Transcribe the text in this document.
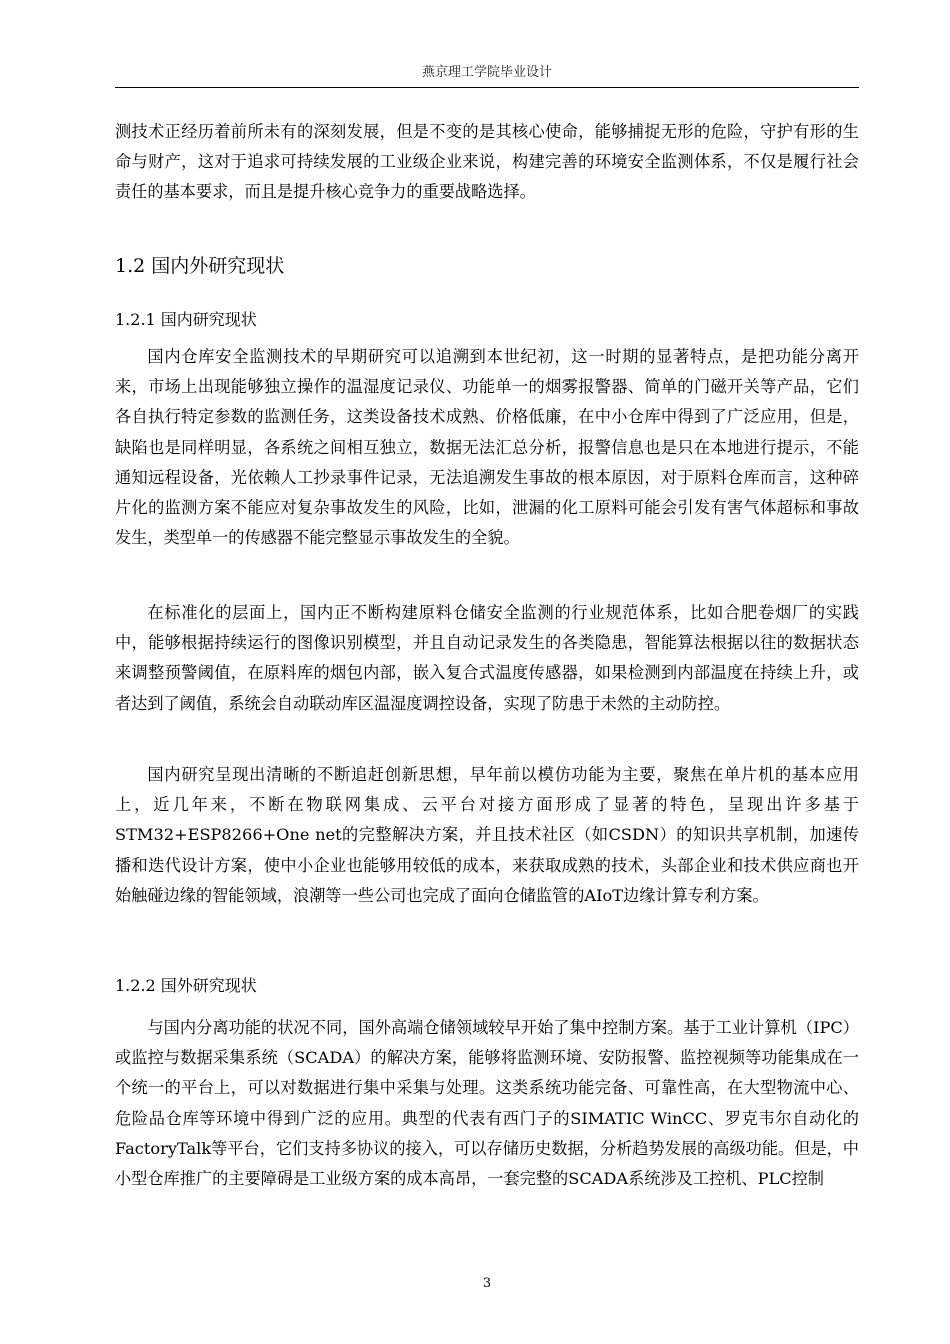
燕京理工学院毕业设计

测技术正经历着前所未有的深刻发展，但是不变的是其核心使命，能够捕捉无形的危险，守护有形的生命与财产，这对于追求可持续发展的工业级企业来说，构建完善的环境安全监测体系，不仅是履行社会责任的基本要求，而且是提升核心竞争力的重要战略选择。

1.2 国内外研究现状
1.2.1 国内研究现状

国内仓库安全监测技术的早期研究可以追溯到本世纪初，这一时期的显著特点，是把功能分离开来，市场上出现能够独立操作的温湿度记录仪、功能单一的烟雾报警器、简单的门磁开关等产品，它们各自执行特定参数的监测任务，这类设备技术成熟、价格低廉，在中小仓库中得到了广泛应用，但是，缺陷也是同样明显，各系统之间相互独立，数据无法汇总分析，报警信息也是只在本地进行提示，不能通知远程设备，光依赖人工抄录事件记录，无法追溯发生事故的根本原因，对于原料仓库而言，这种碎片化的监测方案不能应对复杂事故发生的风险，比如，泄漏的化工原料可能会引发有害气体超标和事故发生，类型单一的传感器不能完整显示事故发生的全貌。

在标准化的层面上，国内正不断构建原料仓储安全监测的行业规范体系，比如合肥卷烟厂的实践中，能够根据持续运行的图像识别模型，并且自动记录发生的各类隐患，智能算法根据以往的数据状态来调整预警阈值，在原料库的烟包内部，嵌入复合式温度传感器，如果检测到内部温度在持续上升，或者达到了阈值，系统会自动联动库区温湿度调控设备，实现了防患于未然的主动防控。

国内研究呈现出清晰的不断追赶创新思想，早年前以模仿功能为主要，聚焦在单片机的基本应用上，近几年来，不断在物联网集成、云平台对接方面形成了显著的特色，呈现出许多基于STM32+ESP8266+One net的完整解决方案，并且技术社区（如CSDN）的知识共享机制，加速传播和迭代设计方案，使中小企业也能够用较低的成本，来获取成熟的技术，头部企业和技术供应商也开始触碰边缘的智能领域，浪潮等一些公司也完成了面向仓储监管的AIoT边缘计算专利方案。

1.2.2 国外研究现状

与国内分离功能的状况不同，国外高端仓储领域较早开始了集中控制方案。基于工业计算机（IPC）或监控与数据采集系统（SCADA）的解决方案，能够将监测环境、安防报警、监控视频等功能集成在一个统一的平台上，可以对数据进行集中采集与处理。这类系统功能完备、可靠性高，在大型物流中心、危险品仓库等环境中得到广泛的应用。典型的代表有西门子的SIMATIC WinCC、罗克韦尔自动化的FactoryTalk等平台，它们支持多协议的接入，可以存储历史数据，分析趋势发展的高级功能。但是，中小型仓库推广的主要障碍是工业级方案的成本高昂，一套完整的SCADA系统涉及工控机、PLC控制

3
